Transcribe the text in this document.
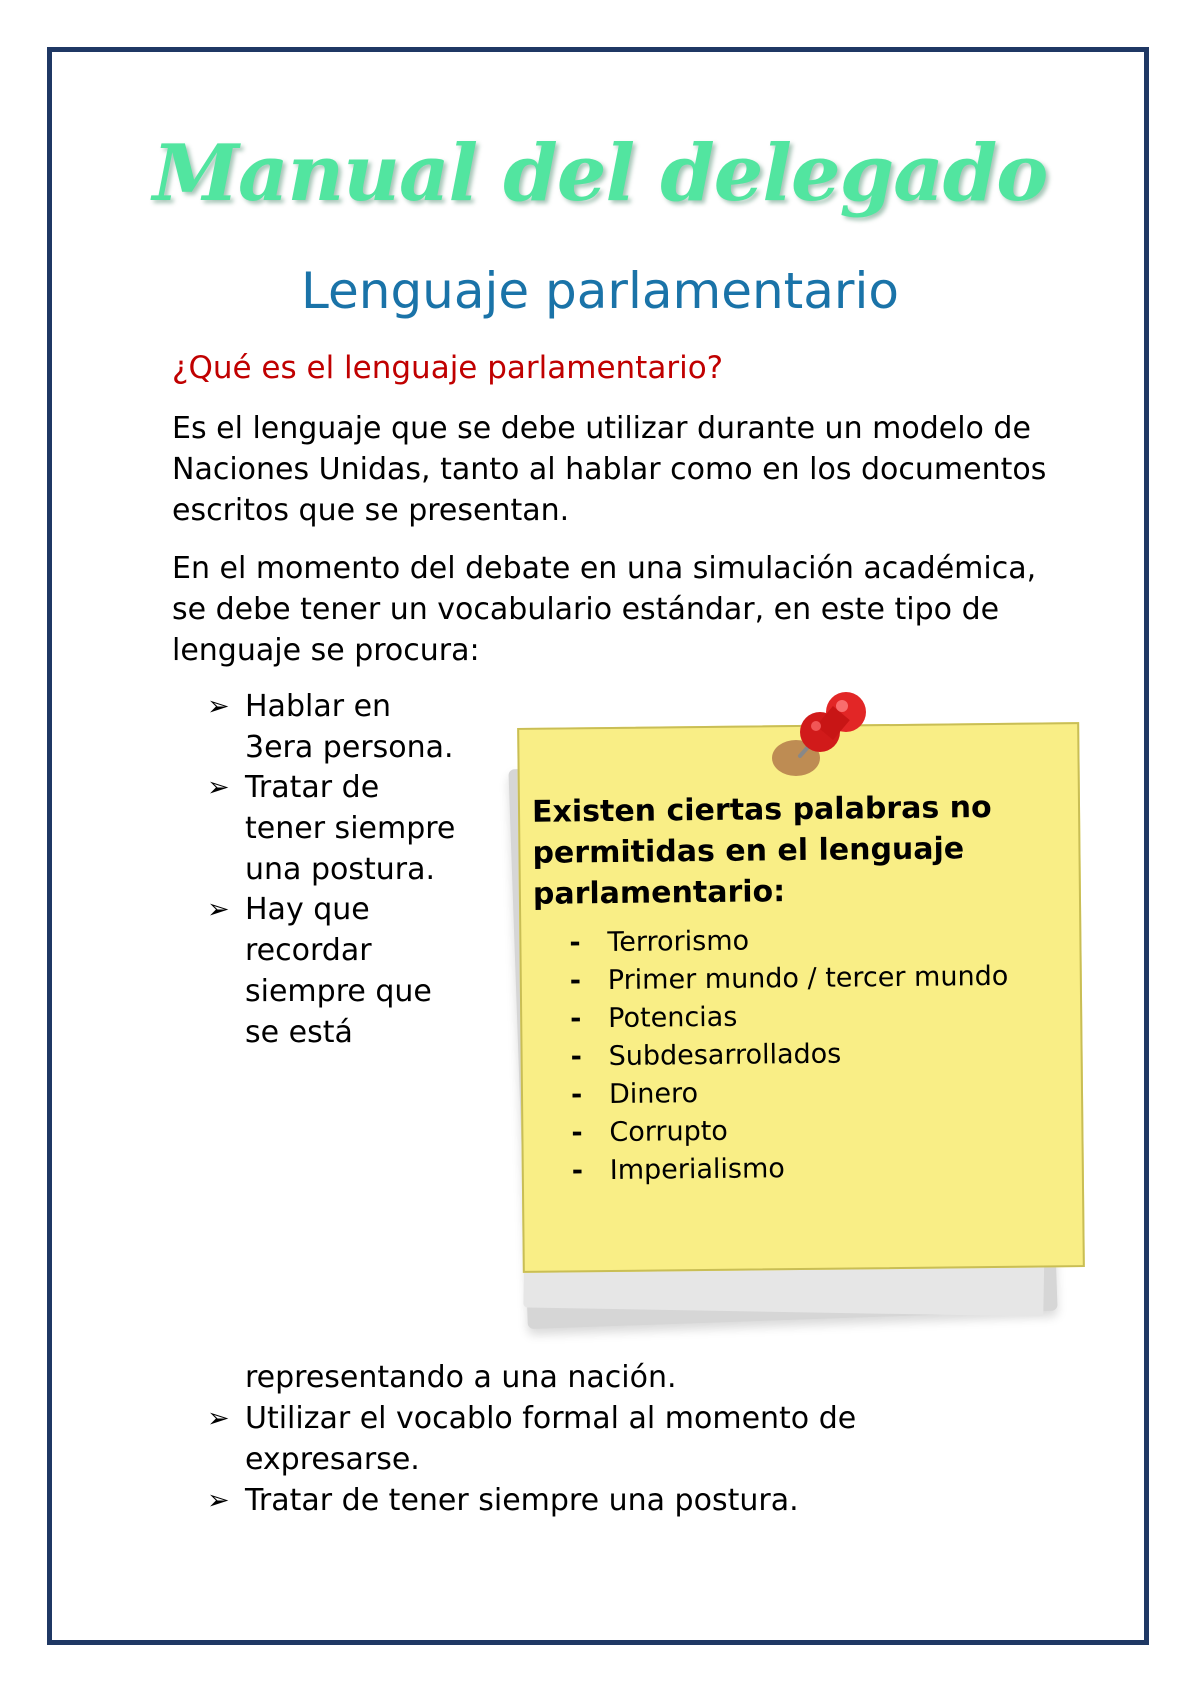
Manual del delegado
Lenguaje parlamentario
¿Qué es el lenguaje parlamentario?
Es el lenguaje que se debe utilizar durante un modelo de Naciones Unidas, tanto al hablar como en los documentos escritos que se presentan.
En el momento del debate en una simulación académica, se debe tener un vocabulario estándar, en este tipo de lenguaje se procura:
➢ Hablar en
3era persona.
➢ Tratar de
tener siempre
una postura.
➢ Hay que
recordar
siempre que
se está
Existen ciertas palabras no permitidas en el lenguaje parlamentario:
- Terrorismo
- Primer mundo / tercer mundo
- Potencias
- Subdesarrollados
- Dinero
- Corrupto
- Imperialismo
representando a una nación.
➢ Utilizar el vocablo formal al momento de expresarse.
➢ Tratar de tener siempre una postura.
